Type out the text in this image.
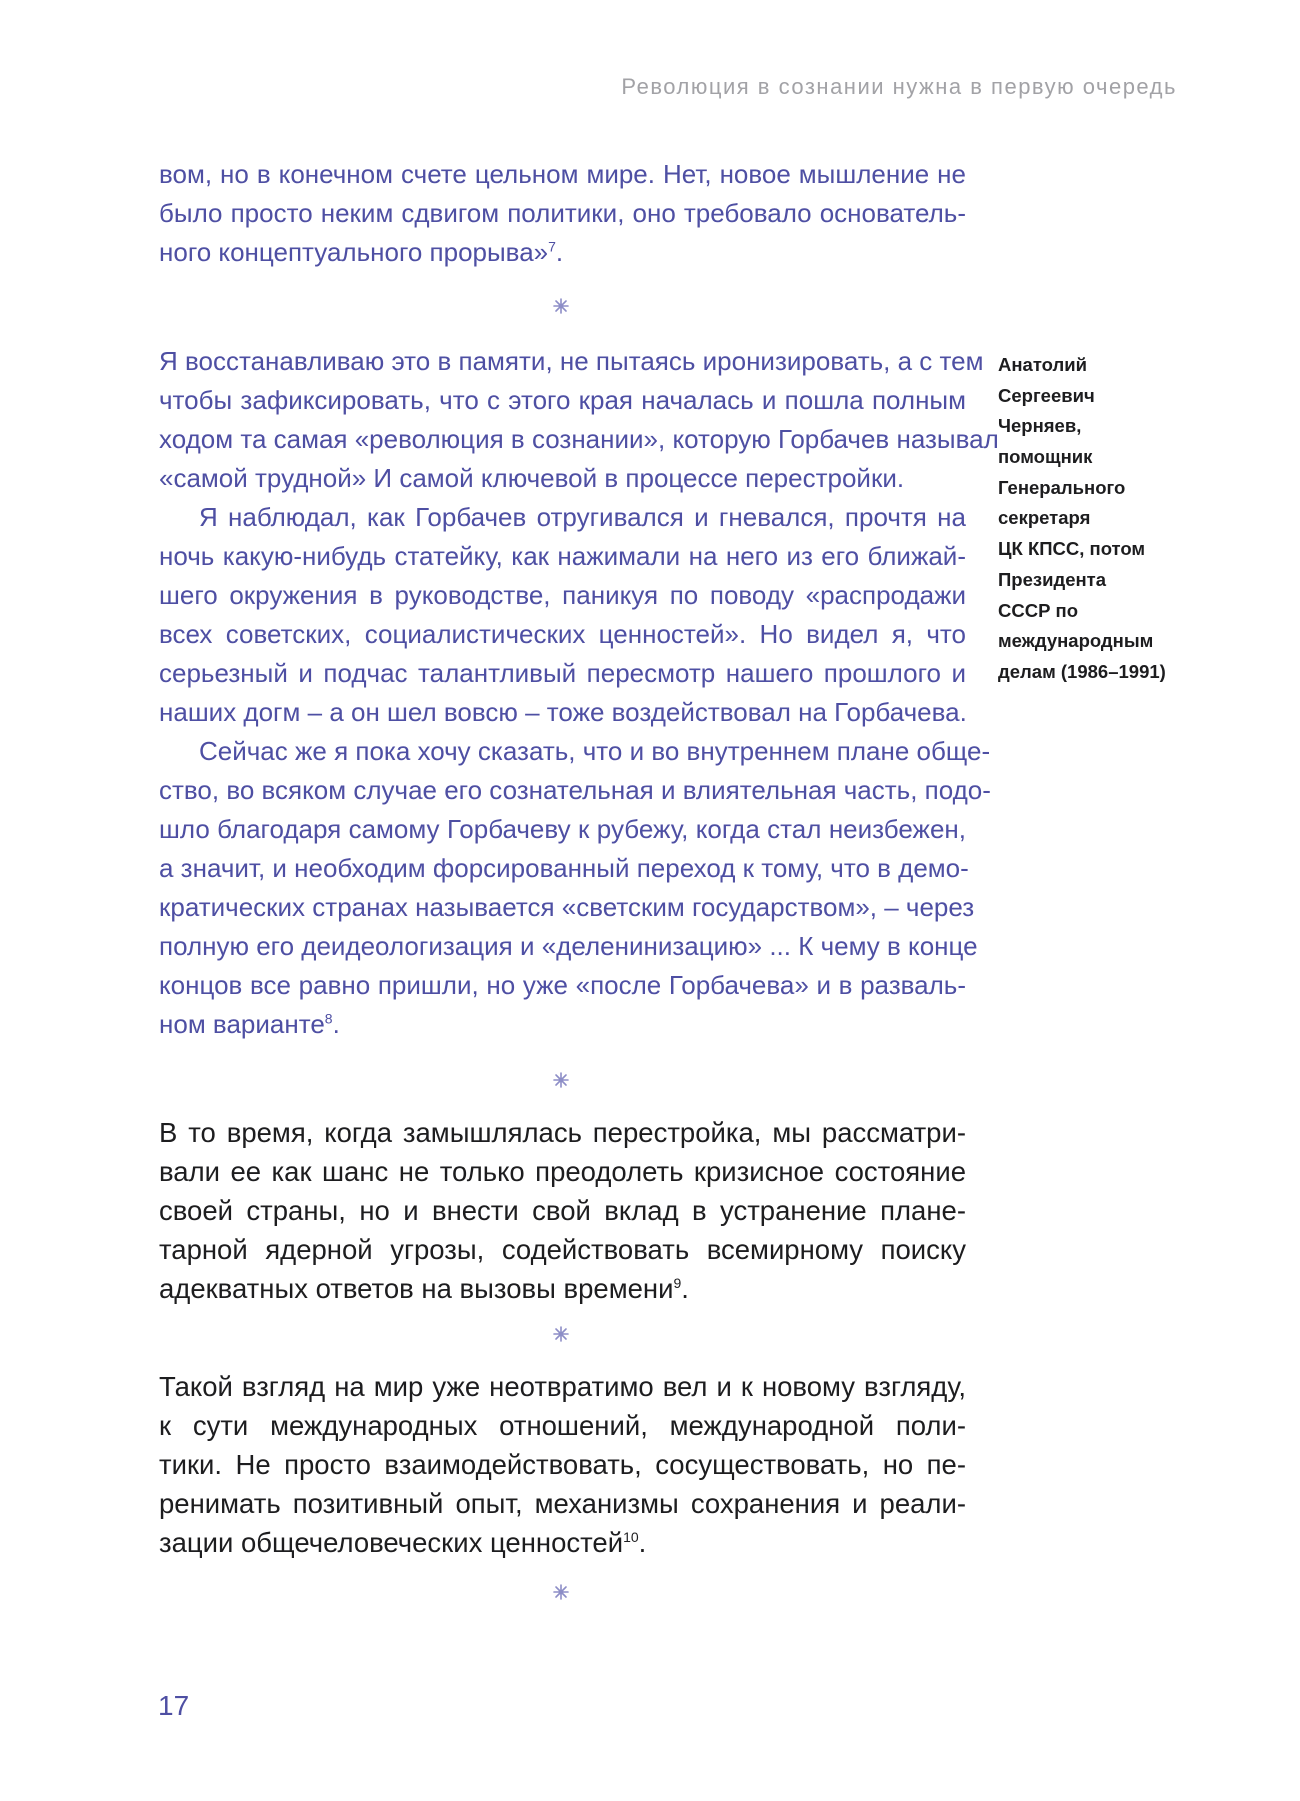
Революция в сознании нужна в первую очередь
вом, но в конечном счете цельном мире. Нет, новое мышление не
было просто неким сдвигом политики, оно требовало основатель-
ного концептуального прорыва»$^7$.
Я восстанавливаю это в памяти, не пытаясь иронизировать, а с тем
чтобы зафиксировать, что с этого края началась и пошла полным
ходом та самая «революция в сознании», которую Горбачев называл
«самой трудной» И самой ключевой в процессе перестройки.
Я наблюдал, как Горбачев отругивался и гневался, прочтя на
ночь какую-нибудь статейку, как нажимали на него из его ближай-
шего окружения в руководстве, паникуя по поводу «распродажи
всех советских, социалистических ценностей». Но видел я, что
серьезный и подчас талантливый пересмотр нашего прошлого и
наших догм – а он шел вовсю – тоже воздействовал на Горбачева.
Сейчас же я пока хочу сказать, что и во внутреннем плане обще-
ство, во всяком случае его сознательная и влиятельная часть, подо-
шло благодаря самому Горбачеву к рубежу, когда стал неизбежен,
а значит, и необходим форсированный переход к тому, что в демо-
кратических странах называется «светским государством», – через
полную его деидеологизация и «деленинизацию» ... К чему в конце
концов все равно пришли, но уже «после Горбачева» и в разваль-
ном варианте$^8$.
Анатолий
Сергеевич
Черняев,
помощник
Генерального
секретаря
ЦК КПСС, потом
Президента
СССР по
международным
делам (1986–1991)
В то время, когда замышлялась перестройка, мы рассматри-
вали ее как шанс не только преодолеть кризисное состояние
своей страны, но и внести свой вклад в устранение плане-
тарной ядерной угрозы, содействовать всемирному поиску
адекватных ответов на вызовы времени$^9$.
Такой взгляд на мир уже неотвратимо вел и к новому взгляду,
к сути международных отношений, международной поли-
тики. Не просто взаимодействовать, сосуществовать, но пе-
ренимать позитивный опыт, механизмы сохранения и реали-
зации общечеловеческих ценностей$^{10}$.
17
